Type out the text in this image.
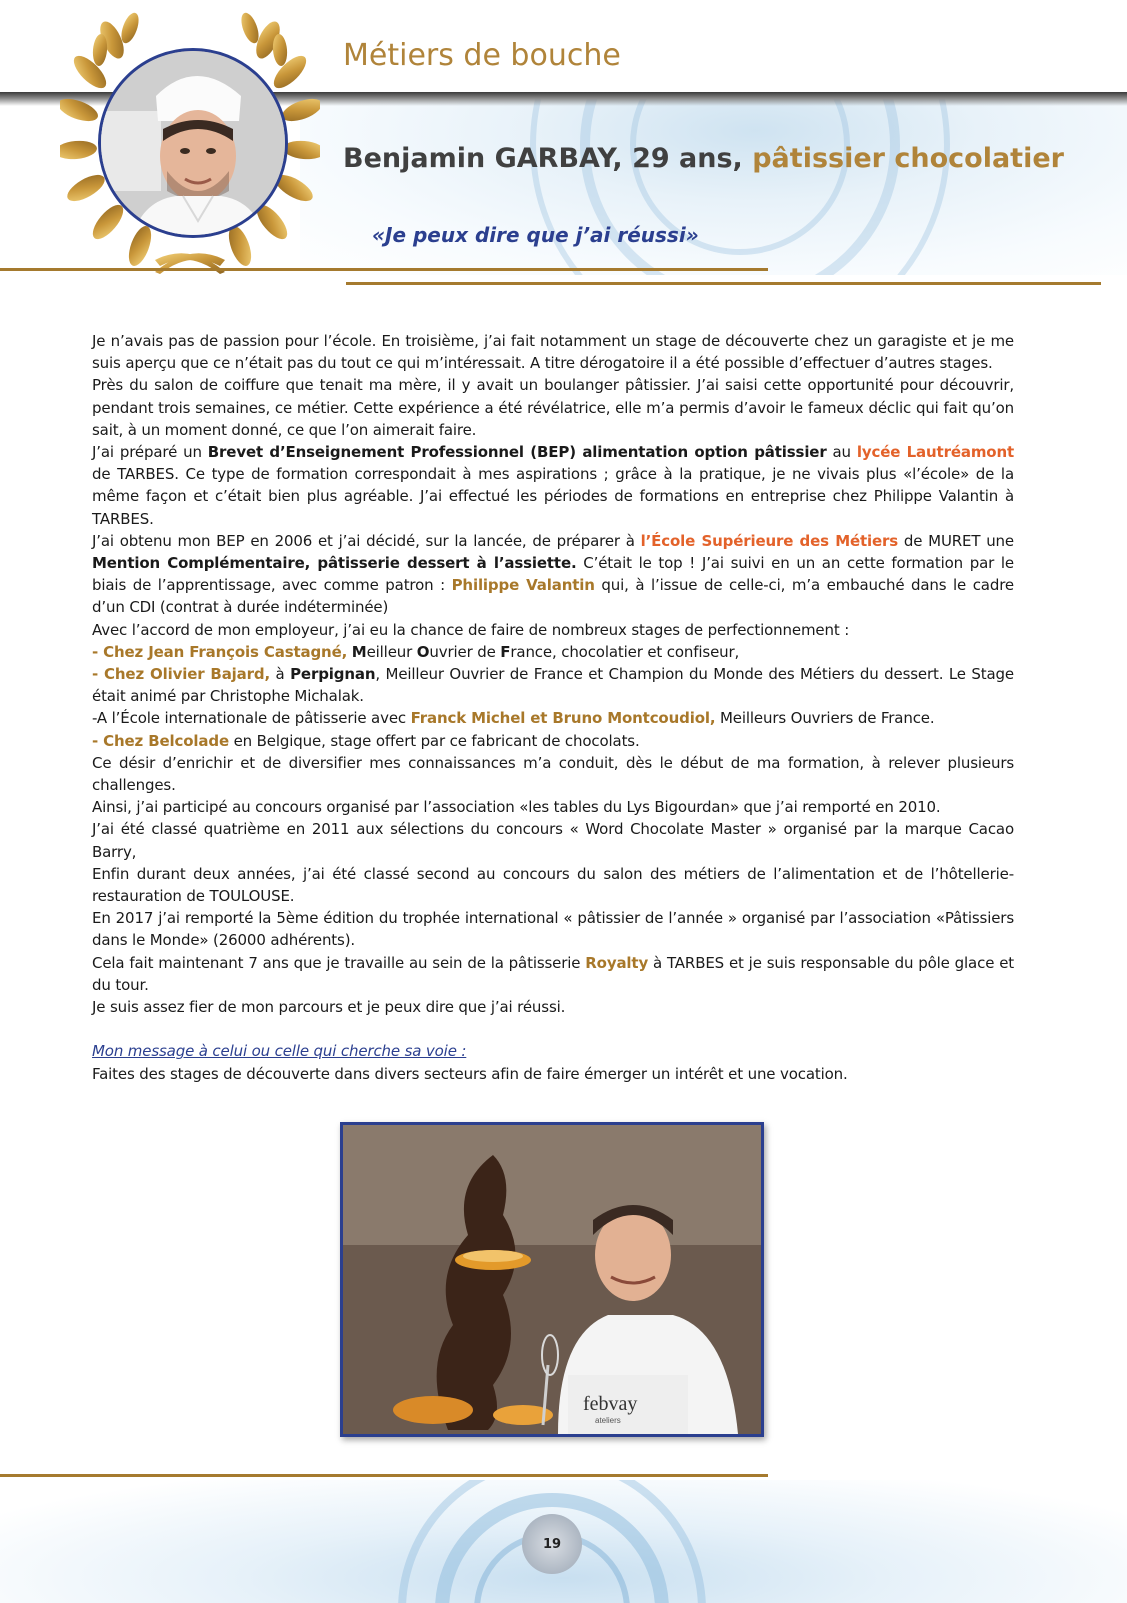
Métiers de bouche
Benjamin GARBAY, 29 ans, pâtissier chocolatier
«Je peux dire que j’ai réussi»

Je n’avais pas de passion pour l’école. En troisième, j’ai fait notamment un stage de découverte chez un garagiste et je me suis aperçu que ce n’était pas du tout ce qui m’intéressait. A titre dérogatoire il a été possible d’effectuer d’autres stages.

Près du salon de coiffure que tenait ma mère, il y avait un boulanger pâtissier. J’ai saisi cette opportunité pour découvrir, pendant trois semaines, ce métier. Cette expérience a été révélatrice, elle m’a permis d’avoir le fameux déclic qui fait qu’on sait, à un moment donné, ce que l’on aimerait faire.

J’ai préparé un Brevet d’Enseignement Professionnel (BEP) alimentation option pâtissier au lycée Lautréamont de TARBES. Ce type de formation correspondait à mes aspirations ; grâce à la pratique, je ne vivais plus «l’école» de la même façon et c’était bien plus agréable. J’ai effectué les périodes de formations en entreprise chez Philippe Valantin à TARBES.

J’ai obtenu mon BEP en 2006 et j’ai décidé, sur la lancée, de préparer à l’École Supérieure des Métiers de MURET une Mention Complémentaire, pâtisserie dessert à l’assiette. C’était le top ! J’ai suivi en un an cette formation par le biais de l’apprentissage, avec comme patron : Philippe Valantin qui, à l’issue de celle-ci, m’a embauché dans le cadre d’un CDI (contrat à durée indéterminée)

Avec l’accord de mon employeur, j’ai eu la chance de faire de nombreux stages de perfectionnement :

- Chez Jean François Castagné, Meilleur Ouvrier de France, chocolatier et confiseur,

- Chez Olivier Bajard, à Perpignan, Meilleur Ouvrier de France et Champion du Monde des Métiers du dessert. Le Stage était animé par Christophe Michalak.

-A l’École internationale de pâtisserie avec Franck Michel et Bruno Montcoudiol, Meilleurs Ouvriers de France.

- Chez Belcolade en Belgique, stage offert par ce fabricant de chocolats.

Ce désir d’enrichir et de diversifier mes connaissances m’a conduit, dès le début de ma formation, à relever plusieurs challenges.

Ainsi, j’ai participé au concours organisé par l’association «les tables du Lys Bigourdan» que j’ai remporté en 2010.

J’ai été classé quatrième en 2011 aux sélections du concours « Word Chocolate Master » organisé par la marque Cacao Barry,

Enfin durant deux années, j’ai été classé second au concours du salon des métiers de l’alimentation et de l’hôtellerie-restauration de TOULOUSE.

En 2017 j’ai remporté la 5ème édition du trophée international « pâtissier de l’année » organisé par l’association «Pâtissiers dans le Monde» (26000 adhérents).

Cela fait maintenant 7 ans que je travaille au sein de la pâtisserie Royalty à TARBES et je suis responsable du pôle glace et du tour.

Je suis assez fier de mon parcours et je peux dire que j’ai réussi.

Mon message à celui ou celle qui cherche sa voie :

Faites des stages de découverte dans divers secteurs afin de faire émerger un intérêt et une vocation.

febvay
ateliers
19
